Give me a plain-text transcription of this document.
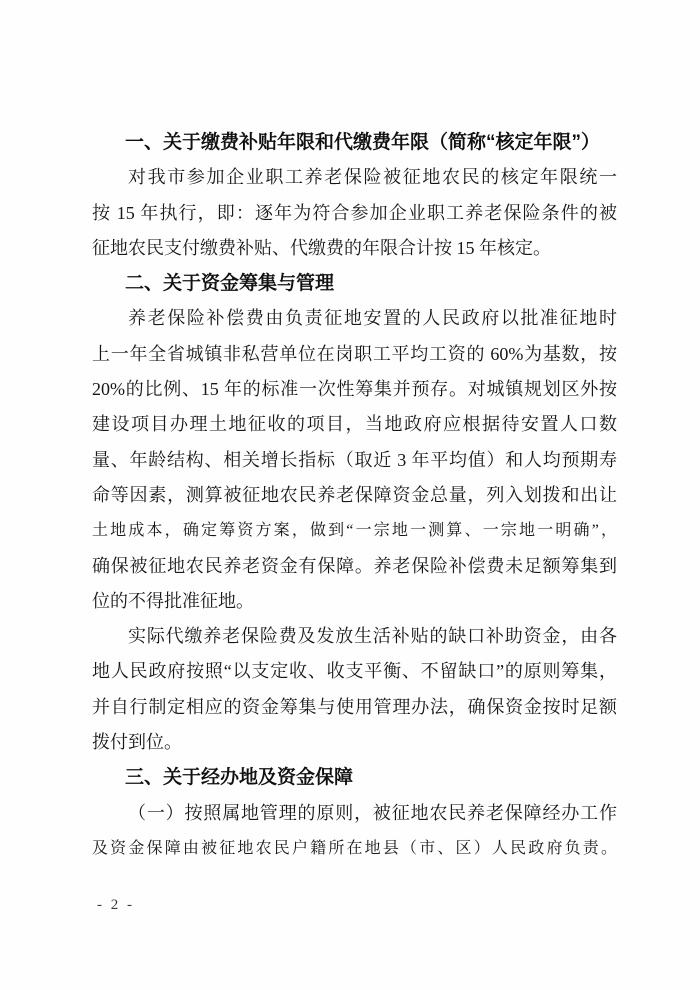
一、关于缴费补贴年限和代缴费年限（简称“核定年限”）
对我市参加企业职工养老保险被征地农民的核定年限统一
按 15 年执行，即：逐年为符合参加企业职工养老保险条件的被
征地农民支付缴费补贴、代缴费的年限合计按 15 年核定。
二、关于资金筹集与管理
养老保险补偿费由负责征地安置的人民政府以批准征地时
上一年全省城镇非私营单位在岗职工平均工资的 60%为基数，按
20%的比例、15 年的标准一次性筹集并预存。对城镇规划区外按
建设项目办理土地征收的项目，当地政府应根据待安置人口数
量、年龄结构、相关增长指标（取近 3 年平均值）和人均预期寿
命等因素，测算被征地农民养老保障资金总量，列入划拨和出让
土地成本，确定筹资方案，做到“一宗地一测算、一宗地一明确”，
确保被征地农民养老资金有保障。养老保险补偿费未足额筹集到
位的不得批准征地。
实际代缴养老保险费及发放生活补贴的缺口补助资金，由各
地人民政府按照“以支定收、收支平衡、不留缺口”的原则筹集，
并自行制定相应的资金筹集与使用管理办法，确保资金按时足额
拨付到位。
三、关于经办地及资金保障
（一）按照属地管理的原则，被征地农民养老保障经办工作
及资金保障由被征地农民户籍所在地县（市、区）人民政府负责。
- 2 -
